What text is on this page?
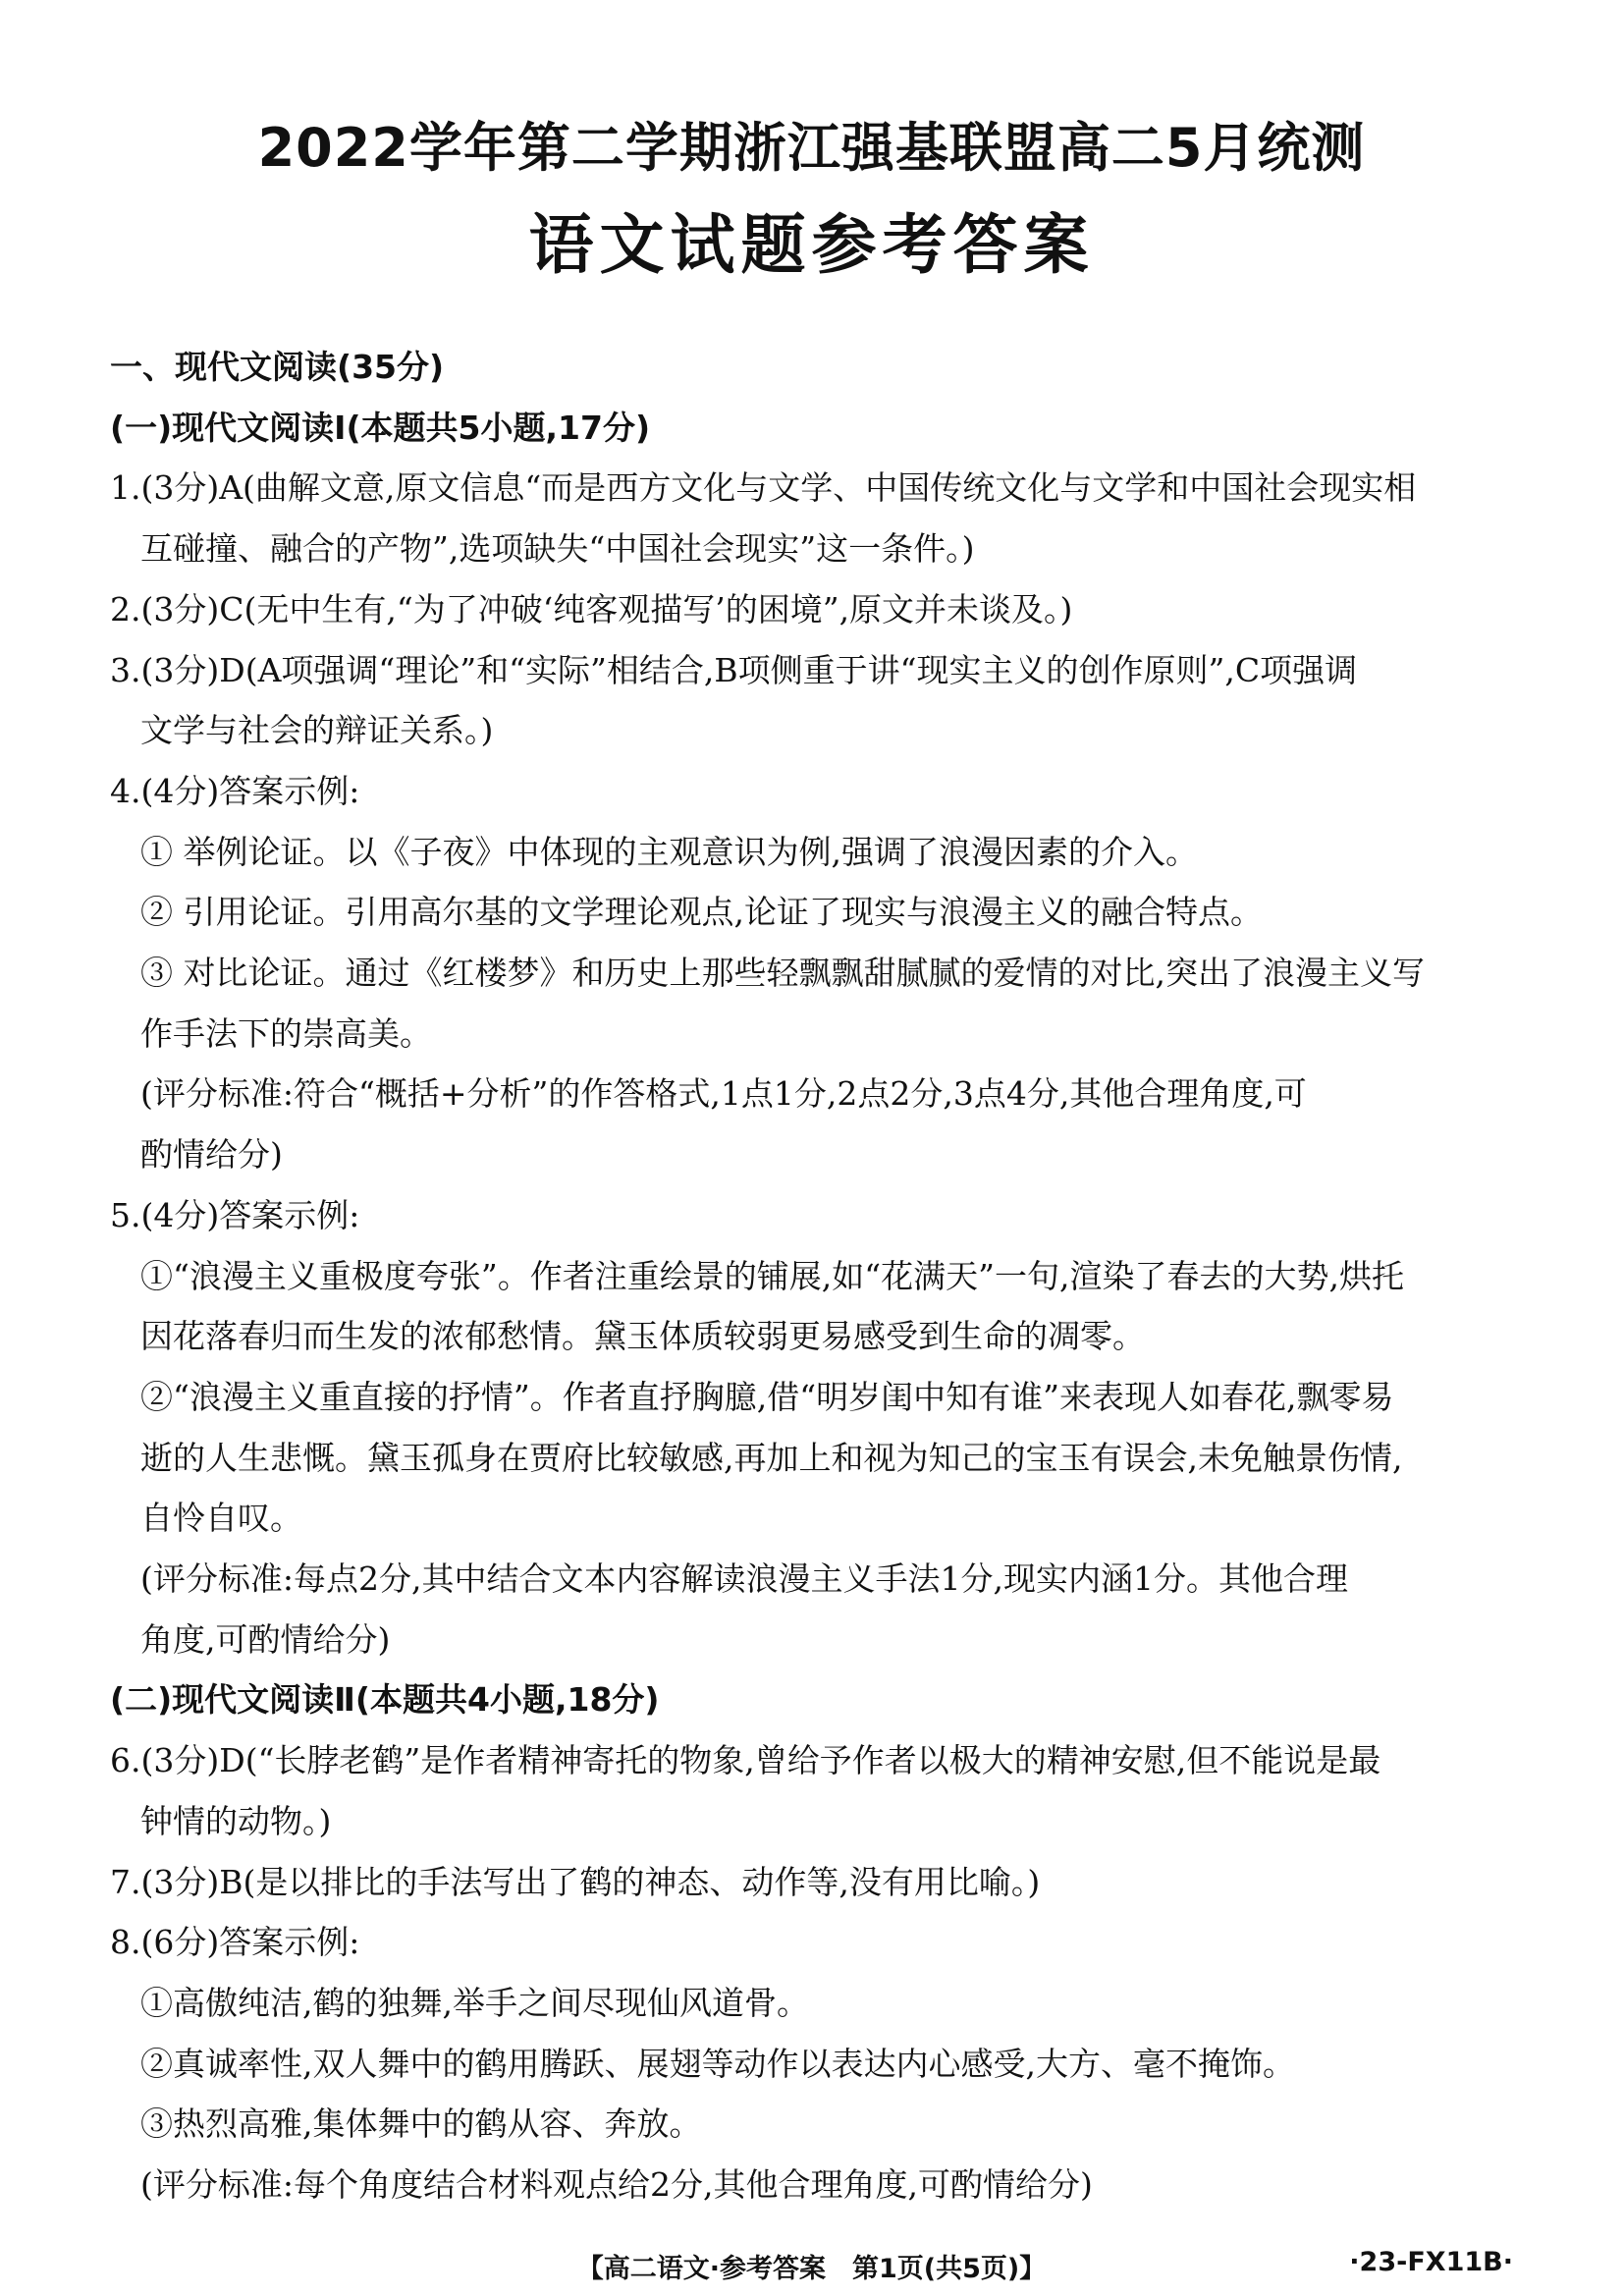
2022学年第二学期浙江强基联盟高二5月统测
语文试题参考答案
一、现代文阅读(35分)
(一)现代文阅读Ⅰ(本题共5小题,17分)
1.(3分)A(曲解文意,原文信息“而是西方文化与文学、中国传统文化与文学和中国社会现实相
互碰撞、融合的产物”,选项缺失“中国社会现实”这一条件。)
2.(3分)C(无中生有,“为了冲破‘纯客观描写’的困境”,原文并未谈及。)
3.(3分)D(A项强调“理论”和“实际”相结合,B项侧重于讲“现实主义的创作原则”,C项强调
文学与社会的辩证关系。)
4.(4分)答案示例:
① 举例论证。以《子夜》中体现的主观意识为例,强调了浪漫因素的介入。
② 引用论证。引用高尔基的文学理论观点,论证了现实与浪漫主义的融合特点。
③ 对比论证。通过《红楼梦》和历史上那些轻飘飘甜腻腻的爱情的对比,突出了浪漫主义写
作手法下的崇高美。
(评分标准:符合“概括+分析”的作答格式,1点1分,2点2分,3点4分,其他合理角度,可
酌情给分)
5.(4分)答案示例:
①“浪漫主义重极度夸张”。作者注重绘景的铺展,如“花满天”一句,渲染了春去的大势,烘托
因花落春归而生发的浓郁愁情。黛玉体质较弱更易感受到生命的凋零。
②“浪漫主义重直接的抒情”。作者直抒胸臆,借“明岁闺中知有谁”来表现人如春花,飘零易
逝的人生悲慨。黛玉孤身在贾府比较敏感,再加上和视为知己的宝玉有误会,未免触景伤情,
自怜自叹。
(评分标准:每点2分,其中结合文本内容解读浪漫主义手法1分,现实内涵1分。其他合理
角度,可酌情给分)
(二)现代文阅读Ⅱ(本题共4小题,18分)
6.(3分)D(“长脖老鹤”是作者精神寄托的物象,曾给予作者以极大的精神安慰,但不能说是最
钟情的动物。)
7.(3分)B(是以排比的手法写出了鹤的神态、动作等,没有用比喻。)
8.(6分)答案示例:
①高傲纯洁,鹤的独舞,举手之间尽现仙风道骨。
②真诚率性,双人舞中的鹤用腾跃、展翅等动作以表达内心感受,大方、毫不掩饰。
③热烈高雅,集体舞中的鹤从容、奔放。
(评分标准:每个角度结合材料观点给2分,其他合理角度,可酌情给分)
【高二语文·参考答案　第1页(共5页)】	·23-FX11B·
